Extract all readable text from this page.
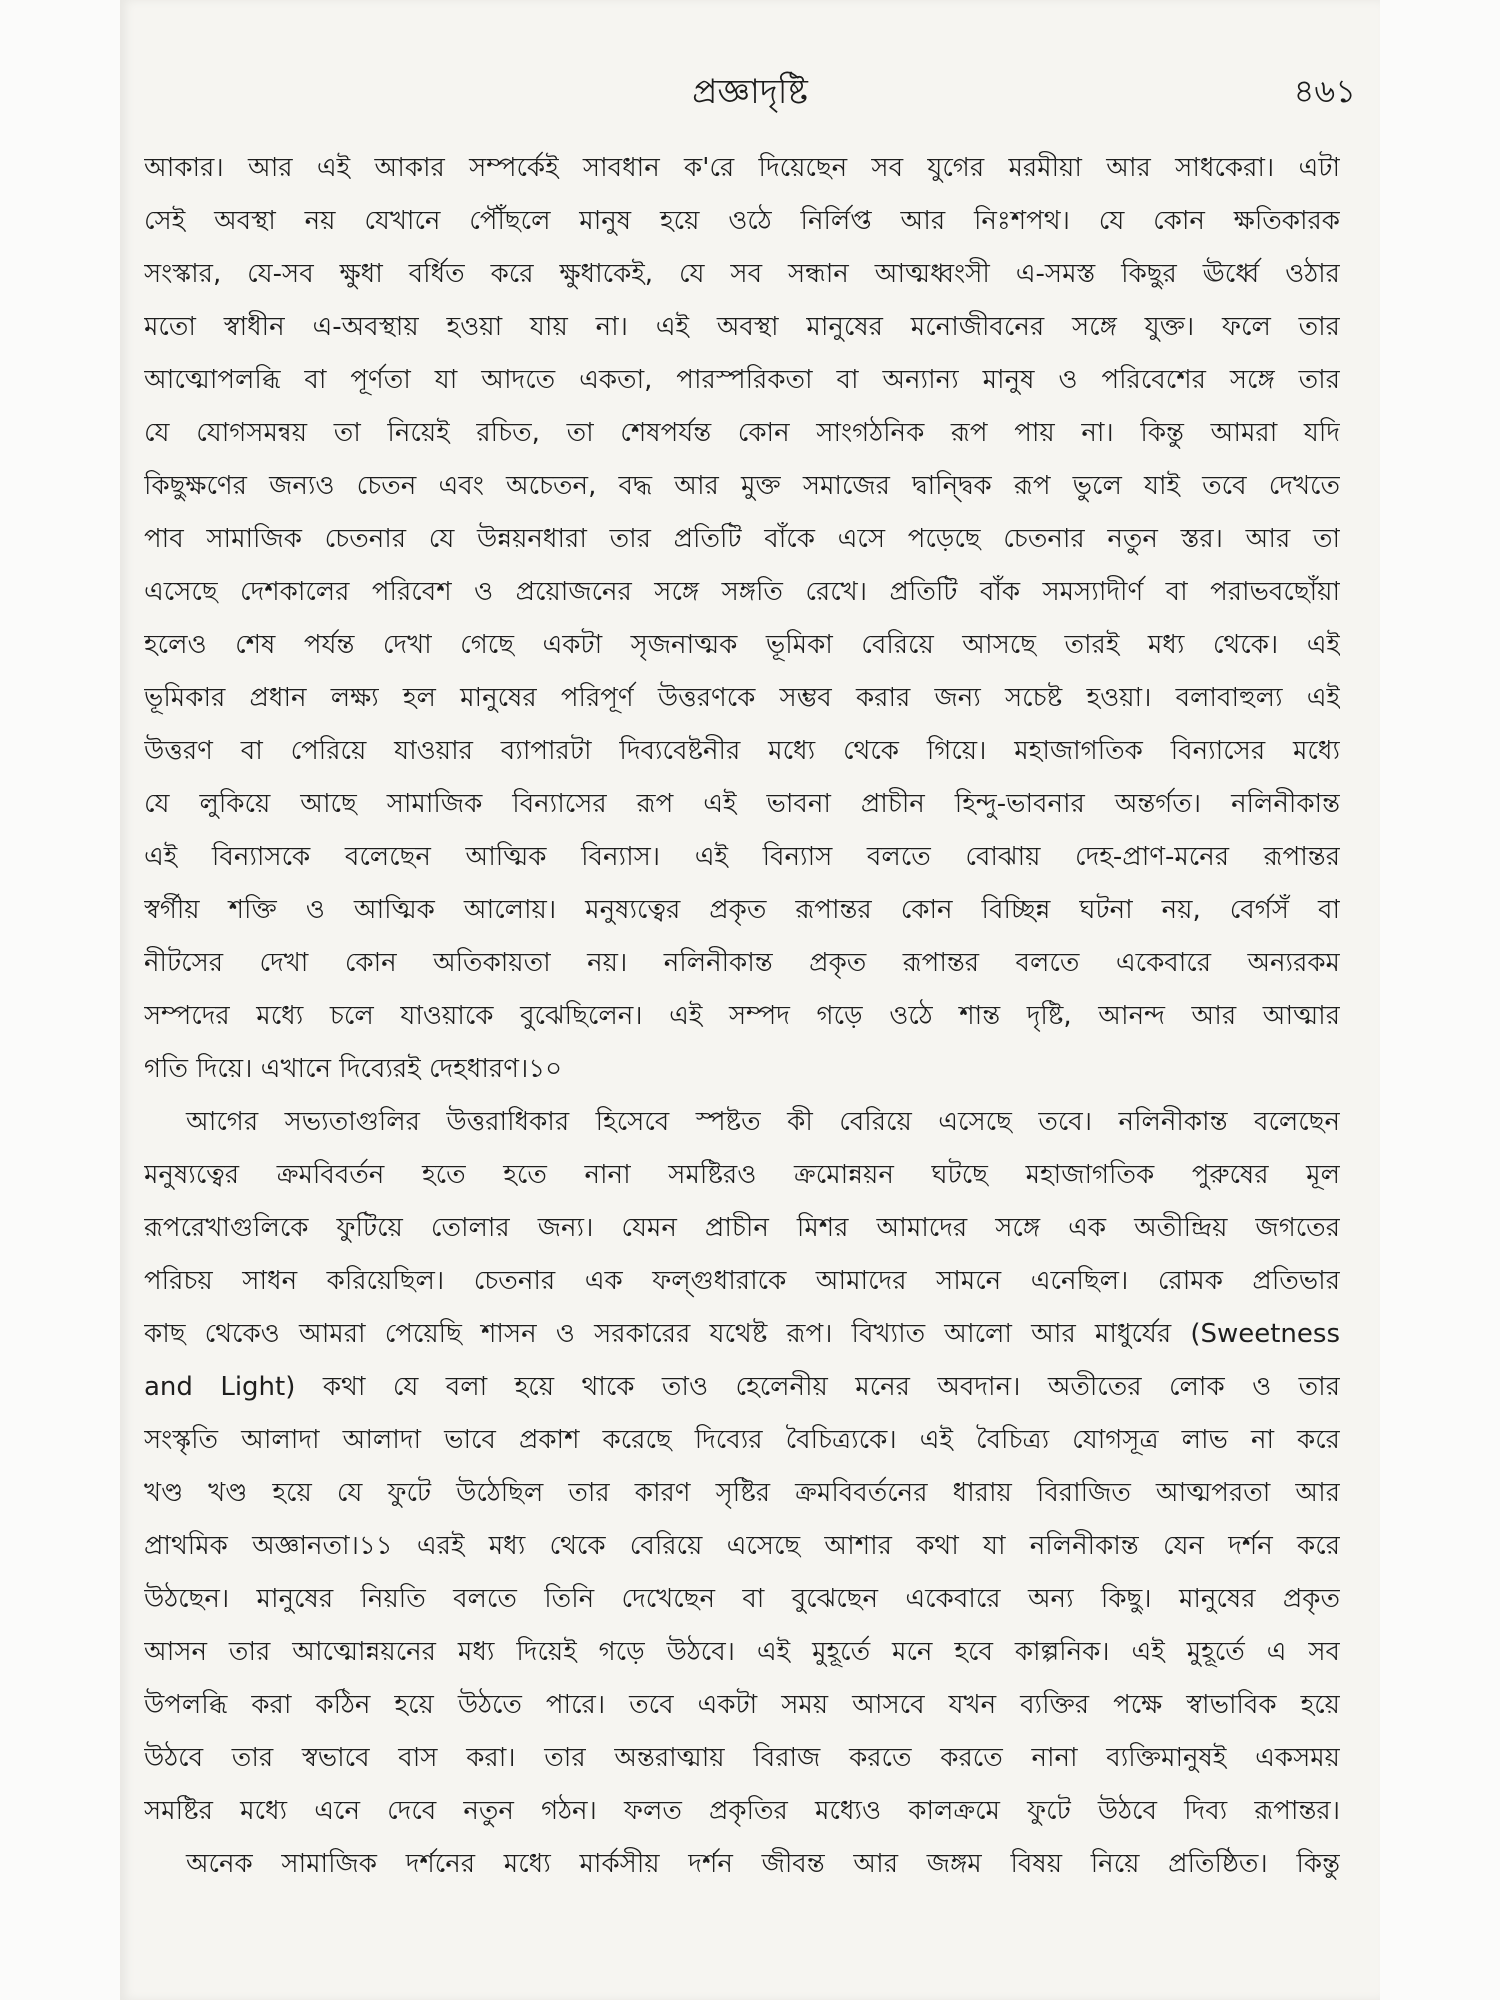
প্রজ্ঞাদৃষ্টি	৪৬১
আকার। আর এই আকার সম্পর্কেই সাবধান ক'রে দিয়েছেন সব যুগের মরমীয়া আর সাধকেরা। এটা
সেই অবস্থা নয় যেখানে পৌঁছলে মানুষ হয়ে ওঠে নির্লিপ্ত আর নিঃশপথ। যে কোন ক্ষতিকারক
সংস্কার, যে-সব ক্ষুধা বর্ধিত করে ক্ষুধাকেই, যে সব সন্ধান আত্মধ্বংসী এ-সমস্ত কিছুর ঊর্ধ্বে ওঠার
মতো স্বাধীন এ-অবস্থায় হওয়া যায় না। এই অবস্থা মানুষের মনোজীবনের সঙ্গে যুক্ত। ফলে তার
আত্মোপলব্ধি বা পূর্ণতা যা আদতে একতা, পারস্পরিকতা বা অন্যান্য মানুষ ও পরিবেশের সঙ্গে তার
যে যোগসমন্বয় তা নিয়েই রচিত, তা শেষপর্যন্ত কোন সাংগঠনিক রূপ পায় না। কিন্তু আমরা যদি
কিছুক্ষণের জন্যও চেতন এবং অচেতন, বদ্ধ আর মুক্ত সমাজের দ্বান্দ্বিক রূপ ভুলে যাই তবে দেখতে
পাব সামাজিক চেতনার যে উন্নয়নধারা তার প্রতিটি বাঁকে এসে পড়েছে চেতনার নতুন স্তর। আর তা
এসেছে দেশকালের পরিবেশ ও প্রয়োজনের সঙ্গে সঙ্গতি রেখে। প্রতিটি বাঁক সমস্যাদীর্ণ বা পরাভবছোঁয়া
হলেও শেষ পর্যন্ত দেখা গেছে একটা সৃজনাত্মক ভূমিকা বেরিয়ে আসছে তারই মধ্য থেকে। এই
ভূমিকার প্রধান লক্ষ্য হল মানুষের পরিপূর্ণ উত্তরণকে সম্ভব করার জন্য সচেষ্ট হওয়া। বলাবাহুল্য এই
উত্তরণ বা পেরিয়ে যাওয়ার ব্যাপারটা দিব্যবেষ্টনীর মধ্যে থেকে গিয়ে। মহাজাগতিক বিন্যাসের মধ্যে
যে লুকিয়ে আছে সামাজিক বিন্যাসের রূপ এই ভাবনা প্রাচীন হিন্দু-ভাবনার অন্তর্গত। নলিনীকান্ত
এই বিন্যাসকে বলেছেন আত্মিক বিন্যাস। এই বিন্যাস বলতে বোঝায় দেহ-প্রাণ-মনের রূপান্তর
স্বর্গীয় শক্তি ও আত্মিক আলোয়। মনুষ্যত্বের প্রকৃত রূপান্তর কোন বিচ্ছিন্ন ঘটনা নয়, বের্গসঁ বা
নীটসের দেখা কোন অতিকায়তা নয়। নলিনীকান্ত প্রকৃত রূপান্তর বলতে একেবারে অন্যরকম
সম্পদের মধ্যে চলে যাওয়াকে বুঝেছিলেন। এই সম্পদ গড়ে ওঠে শান্ত দৃষ্টি, আনন্দ আর আত্মার
গতি দিয়ে। এখানে দিব্যেরই দেহধারণ।১০
আগের সভ্যতাগুলির উত্তরাধিকার হিসেবে স্পষ্টত কী বেরিয়ে এসেছে তবে। নলিনীকান্ত বলেছেন
মনুষ্যত্বের ক্রমবিবর্তন হতে হতে নানা সমষ্টিরও ক্রমোন্নয়ন ঘটছে মহাজাগতিক পুরুষের মূল
রূপরেখাগুলিকে ফুটিয়ে তোলার জন্য। যেমন প্রাচীন মিশর আমাদের সঙ্গে এক অতীন্দ্রিয় জগতের
পরিচয় সাধন করিয়েছিল। চেতনার এক ফল্গুধারাকে আমাদের সামনে এনেছিল। রোমক প্রতিভার
কাছ থেকেও আমরা পেয়েছি শাসন ও সরকারের যথেষ্ট রূপ। বিখ্যাত আলো আর মাধুর্যের (Sweetness
and Light) কথা যে বলা হয়ে থাকে তাও হেলেনীয় মনের অবদান। অতীতের লোক ও তার
সংস্কৃতি আলাদা আলাদা ভাবে প্রকাশ করেছে দিব্যের বৈচিত্র্যকে। এই বৈচিত্র্য যোগসূত্র লাভ না করে
খণ্ড খণ্ড হয়ে যে ফুটে উঠেছিল তার কারণ সৃষ্টির ক্রমবিবর্তনের ধারায় বিরাজিত আত্মপরতা আর
প্রাথমিক অজ্ঞানতা।১১ এরই মধ্য থেকে বেরিয়ে এসেছে আশার কথা যা নলিনীকান্ত যেন দর্শন করে
উঠছেন। মানুষের নিয়তি বলতে তিনি দেখেছেন বা বুঝেছেন একেবারে অন্য কিছু। মানুষের প্রকৃত
আসন তার আত্মোন্নয়নের মধ্য দিয়েই গড়ে উঠবে। এই মুহূর্তে মনে হবে কাল্পনিক। এই মুহূর্তে এ সব
উপলব্ধি করা কঠিন হয়ে উঠতে পারে। তবে একটা সময় আসবে যখন ব্যক্তির পক্ষে স্বাভাবিক হয়ে
উঠবে তার স্বভাবে বাস করা। তার অন্তরাত্মায় বিরাজ করতে করতে নানা ব্যক্তিমানুষই একসময়
সমষ্টির মধ্যে এনে দেবে নতুন গঠন। ফলত প্রকৃতির মধ্যেও কালক্রমে ফুটে উঠবে দিব্য রূপান্তর।
অনেক সামাজিক দর্শনের মধ্যে মার্কসীয় দর্শন জীবন্ত আর জঙ্গম বিষয় নিয়ে প্রতিষ্ঠিত। কিন্তু
